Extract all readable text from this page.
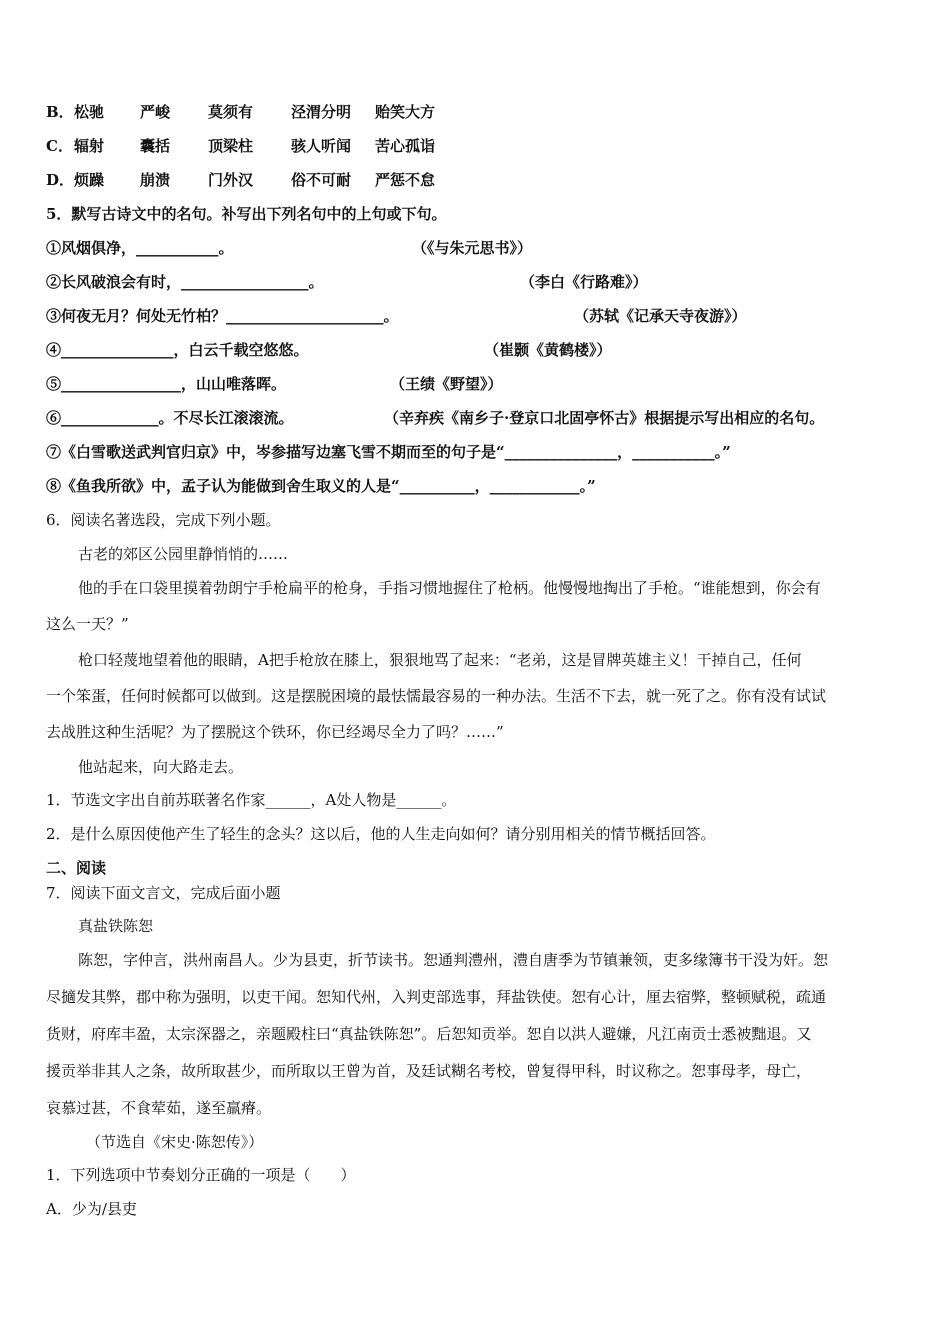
B． 松驰 严峻	莫须有	泾渭分明 贻笑大方
C． 辐射 囊括	顶梁柱	骇人听闻 苦心孤诣
D． 烦躁 崩溃	门外汉	俗不可耐 严惩不怠
5．默写古诗文中的名句。补写出下列名句中的上句或下句。
①风烟俱净，___________。	（《与朱元思书》）
②长风破浪会有时，_________________。	（李白《行路难》）
③何夜无月？何处无竹柏？_____________________。	（苏轼《记承天寺夜游》）
④_______________，白云千载空悠悠。	（崔颢《黄鹤楼》）
⑤________________，山山唯落晖。	（王绩《野望》）
⑥_____________。不尽长江滚滚流。	（辛弃疾《南乡子·登京口北固亭怀古》根据提示写出相应的名句。
⑦《白雪歌送武判官归京》中，岑参描写边塞飞雪不期而至的句子是“_______________，___________。”
⑧《鱼我所欲》中，孟子认为能做到舍生取义的人是“__________，____________。”
6．阅读名著选段，完成下列小题。
古老的郊区公园里静悄悄的……
他的手在口袋里摸着勃朗宁手枪扁平的枪身，手指习惯地握住了枪柄。他慢慢地掏出了手枪。“谁能想到，你会有
这么一天？”
枪口轻蔑地望着他的眼睛，A把手枪放在膝上，狠狠地骂了起来：“老弟，这是冒牌英雄主义！干掉自己，任何
一个笨蛋，任何时候都可以做到。这是摆脱困境的最怯懦最容易的一种办法。生活不下去，就一死了之。你有没有试试
去战胜这种生活呢？为了摆脱这个铁环，你已经竭尽全力了吗？……”
他站起来，向大路走去。
1．节选文字出自前苏联著名作家______，A处人物是______。
2．是什么原因使他产生了轻生的念头？这以后，他的人生走向如何？请分别用相关的情节概括回答。
二、阅读
7．阅读下面文言文，完成后面小题
真盐铁陈恕
陈恕，字仲言，洪州南昌人。少为县吏，折节读书。恕通判澧州，澧自唐季为节镇兼领，吏多缘簿书干没为奸。恕
尽擿发其弊，郡中称为强明，以吏干闻。恕知代州，入判吏部选事，拜盐铁使。恕有心计，厘去宿弊，整顿赋税，疏通
货财，府库丰盈，太宗深器之，亲题殿柱曰“真盐铁陈恕”。后恕知贡举。恕自以洪人避嫌，凡江南贡士悉被黜退。又
援贡举非其人之条，故所取甚少，而所取以王曾为首，及廷试糊名考校，曾复得甲科，时议称之。恕事母孝，母亡，
哀慕过甚，不食荤茹，遂至羸瘠。
（节选自《宋史·陈恕传》）
1．下列选项中节奏划分正确的一项是（　　）
A．少为/县吏
